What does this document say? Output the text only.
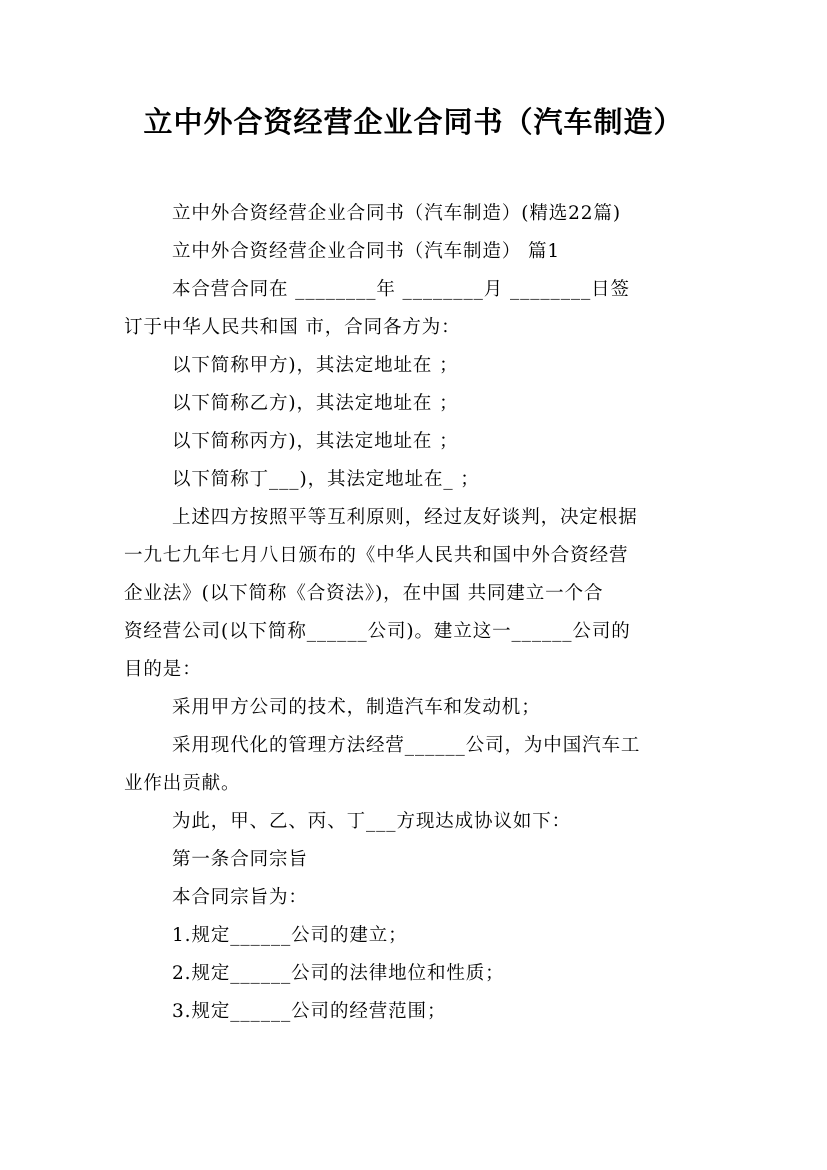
立中外合资经营企业合同书（汽车制造）

立中外合资经营企业合同书（汽车制造）(精选22篇)

立中外合资经营企业合同书（汽车制造） 篇1

本合营合同在 ________年 ________月 ________日签

订于中华人民共和国 市，合同各方为：

以下简称甲方)，其法定地址在 ；

以下简称乙方)，其法定地址在 ；

以下简称丙方)，其法定地址在 ；

以下简称丁___)，其法定地址在_ ；

上述四方按照平等互利原则，经过友好谈判，决定根据

一九七九年七月八日颁布的《中华人民共和国中外合资经营

企业法》(以下简称《合资法》)，在中国 共同建立一个合

资经营公司(以下简称______公司)。建立这一______公司的

目的是：

采用甲方公司的技术，制造汽车和发动机；

采用现代化的管理方法经营______公司，为中国汽车工

业作出贡献。

为此，甲、乙、丙、丁___方现达成协议如下：

第一条合同宗旨

本合同宗旨为：

1.规定______公司的建立；

2.规定______公司的法律地位和性质；

3.规定______公司的经营范围；
